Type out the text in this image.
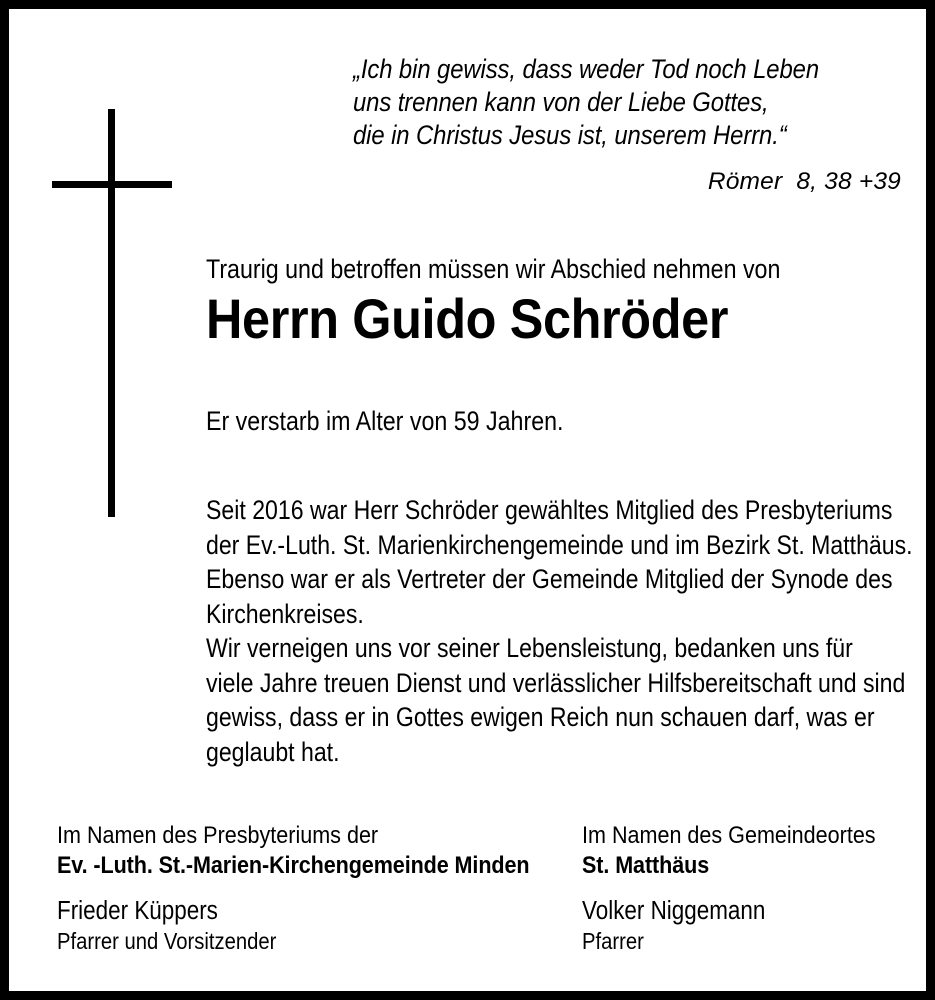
„Ich bin gewiss, dass weder Tod noch Leben
uns trennen kann von der Liebe Gottes,
die in Christus Jesus ist, unserem Herrn.“
Römer  8, 38 +39
Traurig und betroffen müssen wir Abschied nehmen von
Herrn Guido Schröder
Er verstarb im Alter von 59 Jahren.
Seit 2016 war Herr Schröder gewähltes Mitglied des Presbyteriums
der Ev.-Luth. St. Marienkirchengemeinde und im Bezirk St. Matthäus.
Ebenso war er als Vertreter der Gemeinde Mitglied der Synode des
Kirchenkreises.
Wir verneigen uns vor seiner Lebensleistung, bedanken uns für
viele Jahre treuen Dienst und verlässlicher Hilfsbereitschaft und sind
gewiss, dass er in Gottes ewigen Reich nun schauen darf, was er
geglaubt hat.
Im Namen des Presbyteriums der
Ev. -Luth. St.-Marien-Kirchengemeinde Minden
Frieder Küppers
Pfarrer und Vorsitzender
Im Namen des Gemeindeortes
St. Matthäus
Volker Niggemann
Pfarrer
